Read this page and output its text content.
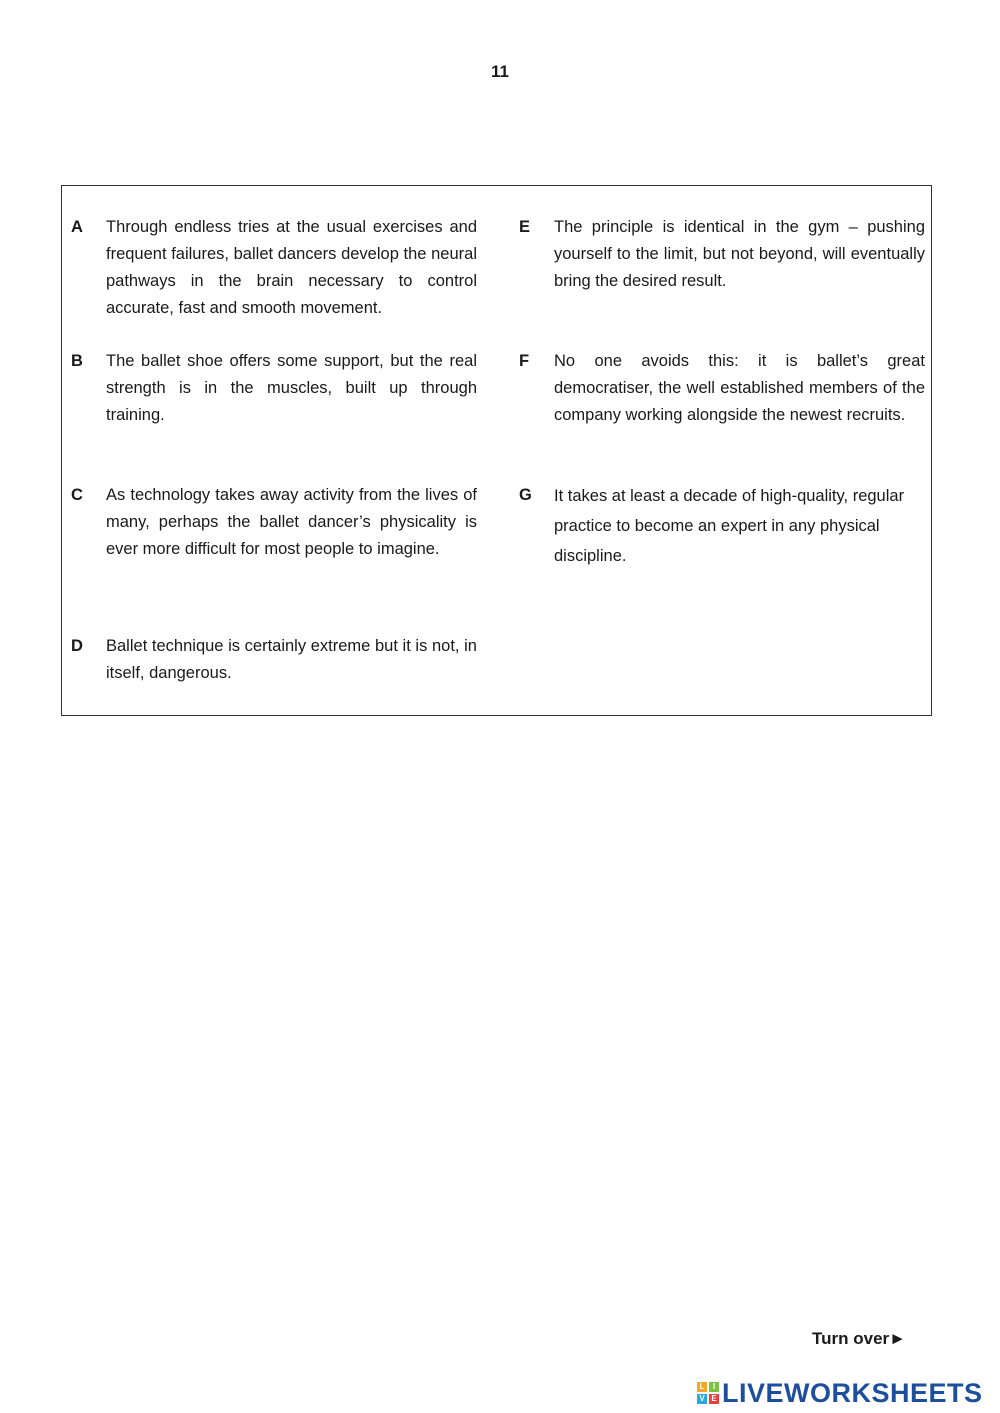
11
A	Through endless tries at the usual exercises and frequent failures, ballet dancers develop the neural pathways in the brain necessary to control accurate, fast and smooth movement.
B	The ballet shoe offers some support, but the real strength is in the muscles, built up through training.
C	As technology takes away activity from the lives of many, perhaps the ballet dancer’s physicality is ever more difficult for most people to imagine.
D	Ballet technique is certainly extreme but it is not, in itself, dangerous.
E	The principle is identical in the gym – pushing yourself to the limit, but not beyond, will eventually bring the desired result.
F	No one avoids this: it is ballet’s great democratiser, the well established members of the company working alongside the newest recruits.
G	It takes at least a decade of high-quality, regular practice to become an expert in any physical discipline.
Turn over►
L	I
V E LIVEWORKSHEETS
